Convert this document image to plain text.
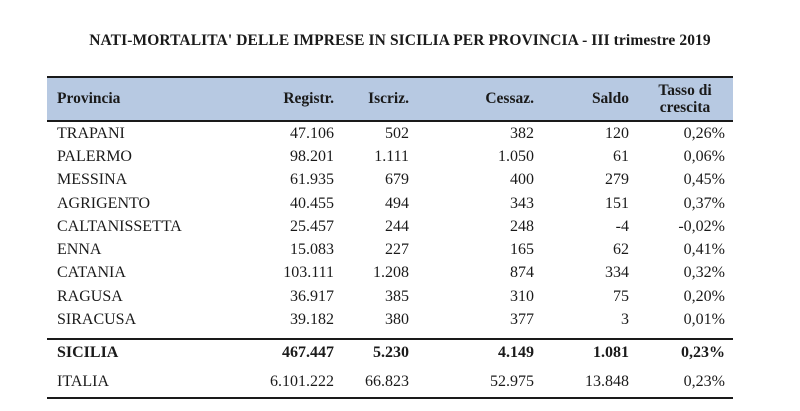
NATI-MORTALITA' DELLE IMPRESE IN SICILIA PER PROVINCIA - III trimestre 2019
Provincia	Registr.	Iscriz.	Cessaz.	Saldo	Tasso di
crescita
TRAPANI	47.106	502	382	120	0,26%
PALERMO	98.201	1.111	1.050	61	0,06%
MESSINA	61.935	679	400	279	0,45%
AGRIGENTO	40.455	494	343	151	0,37%
CALTANISSETTA	25.457	244	248	-4	-0,02%
ENNA	15.083	227	165	62	0,41%
CATANIA	103.111	1.208	874	334	0,32%
RAGUSA	36.917	385	310	75	0,20%
SIRACUSA	39.182	380	377	3	0,01%

SICILIA	467.447	5.230	4.149	1.081	0,23%
ITALIA	6.101.222	66.823	52.975	13.848	0,23%
